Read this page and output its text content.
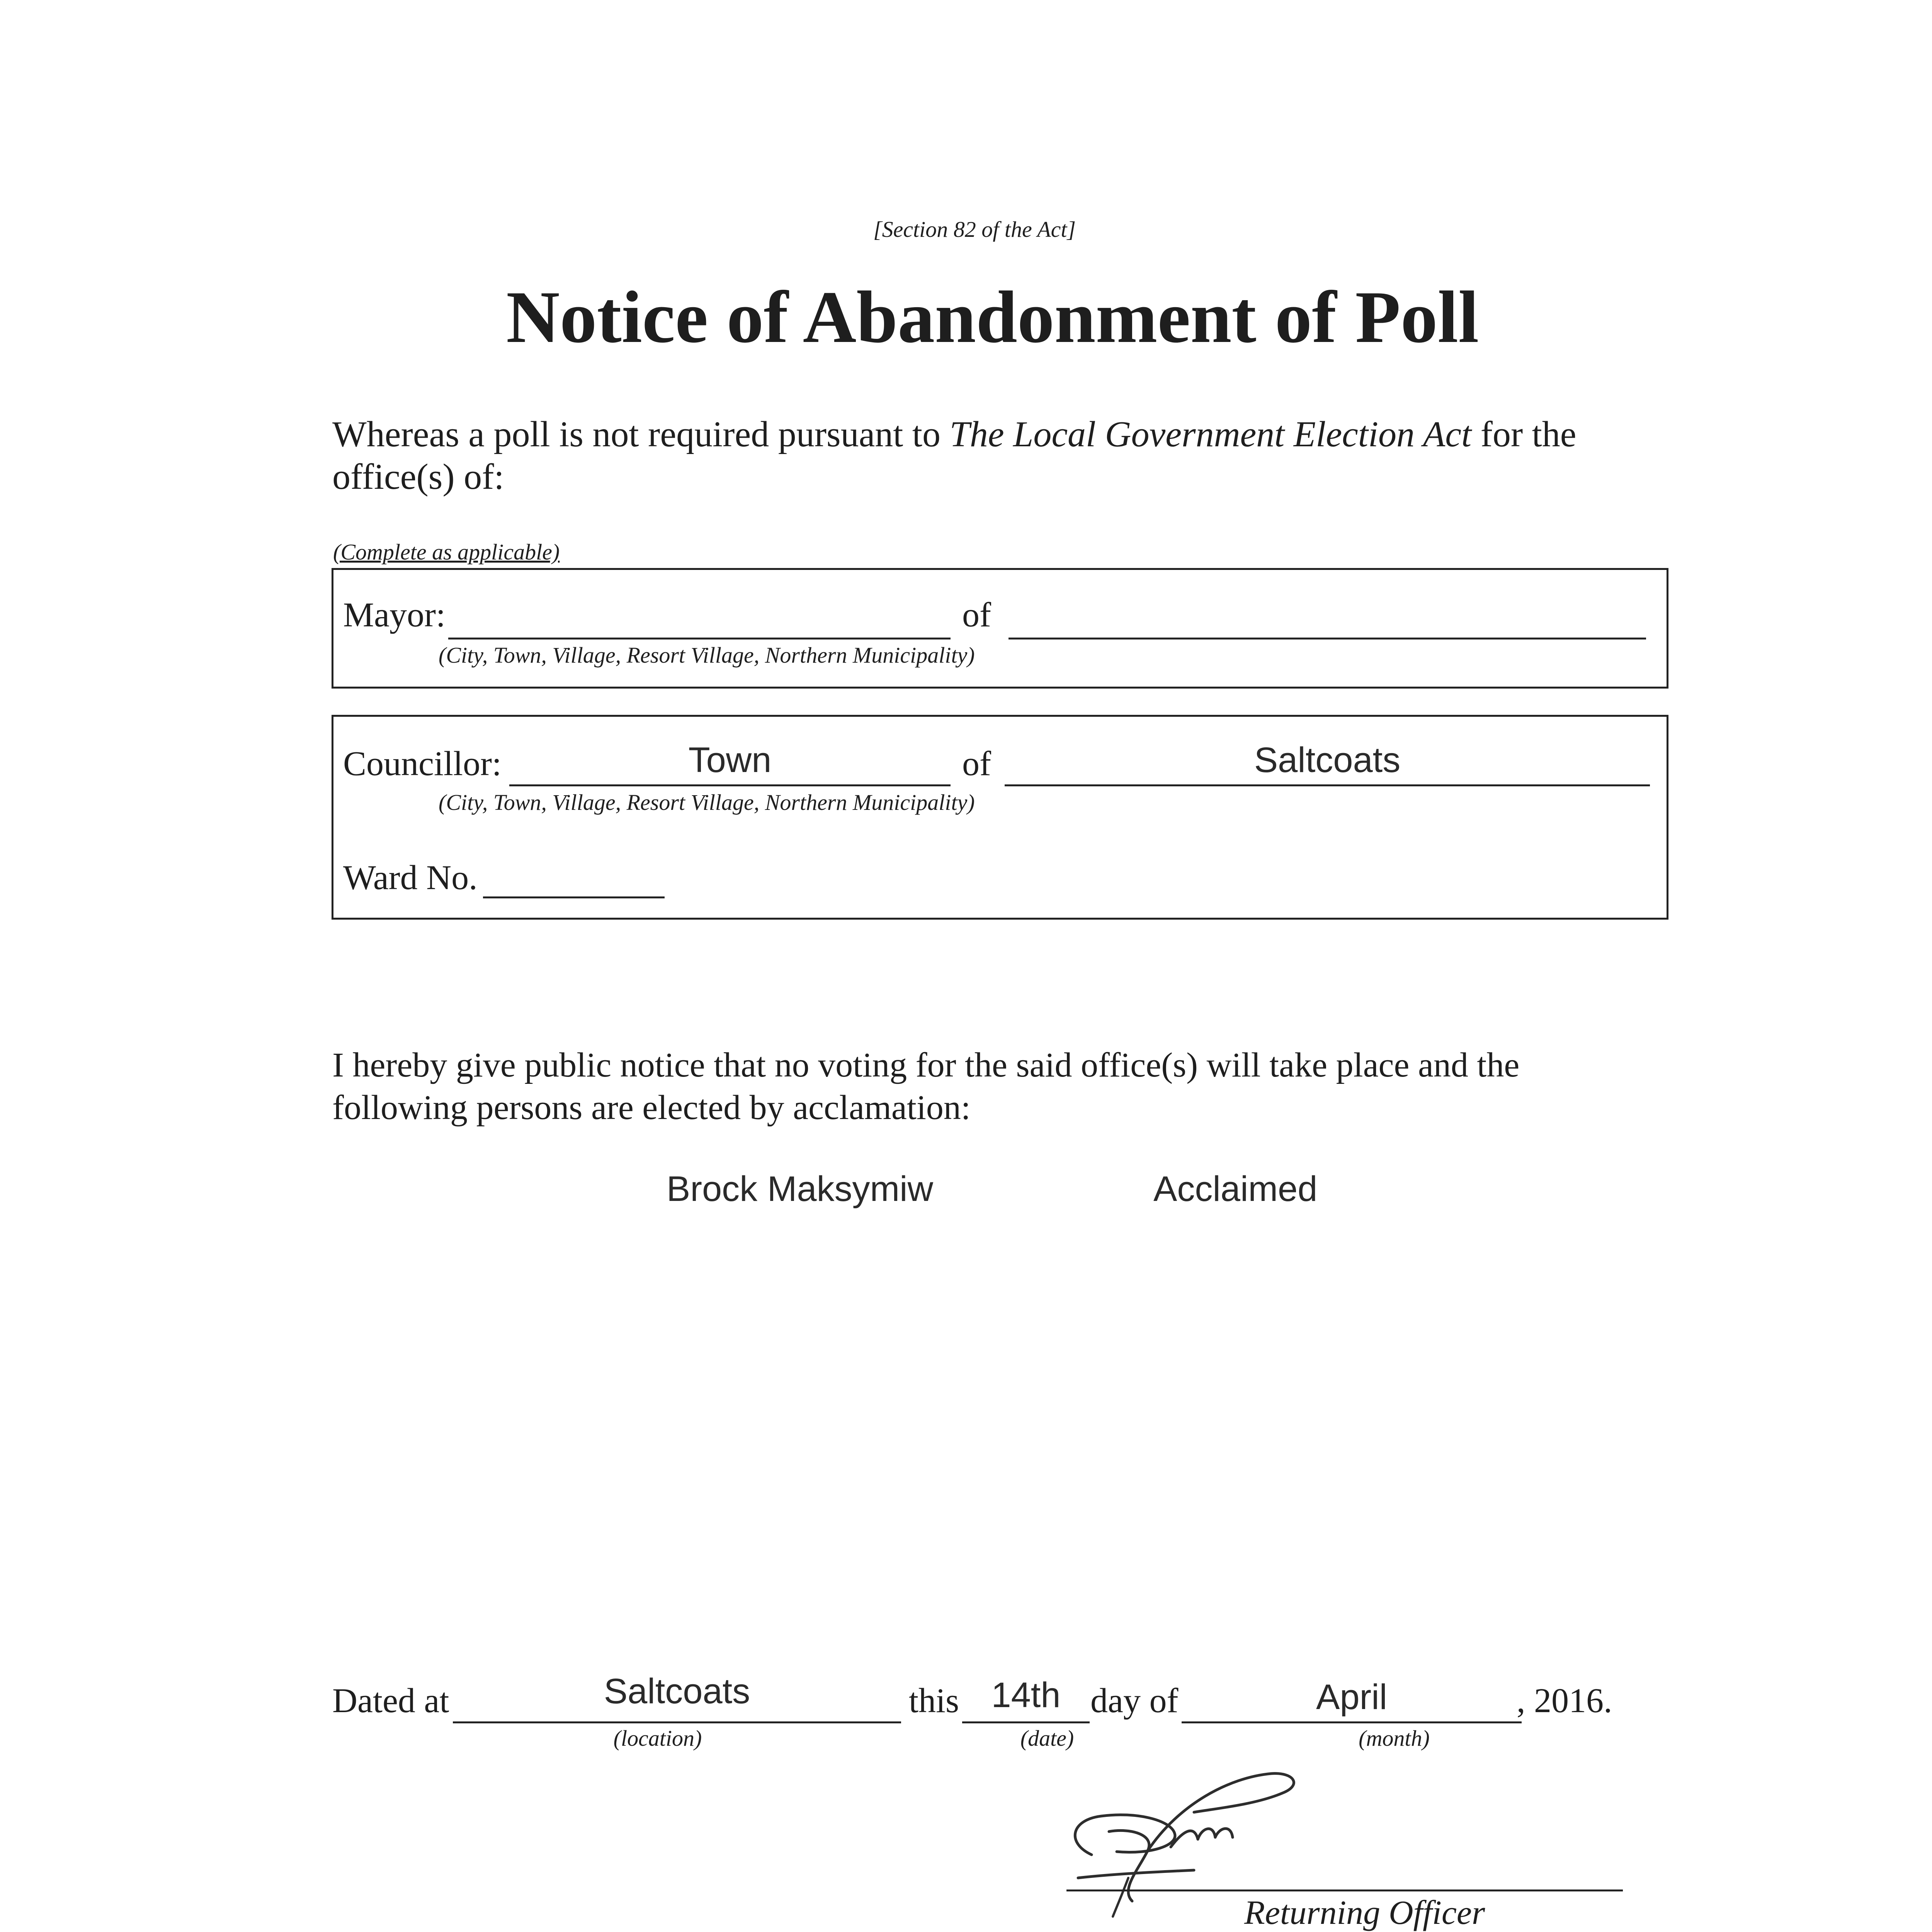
[Section 82 of the Act]
Notice of Abandonment of Poll
Whereas a poll is not required pursuant to The Local Government Election Act for the
office(s) of:
(Complete as applicable)
Mayor:	of
(City, Town, Village, Resort Village, Northern Municipality)
Councillor:	Town	of	Saltcoats
(City, Town, Village, Resort Village, Northern Municipality)
Ward No.
I hereby give public notice that no voting for the said office(s) will take place and the
following persons are elected by acclamation:
Brock Maksymiw	Acclaimed
Dated at	Saltcoats
(location)
this 14th
(date)
day of	April
(month)
, 2016.
Returning Officer
